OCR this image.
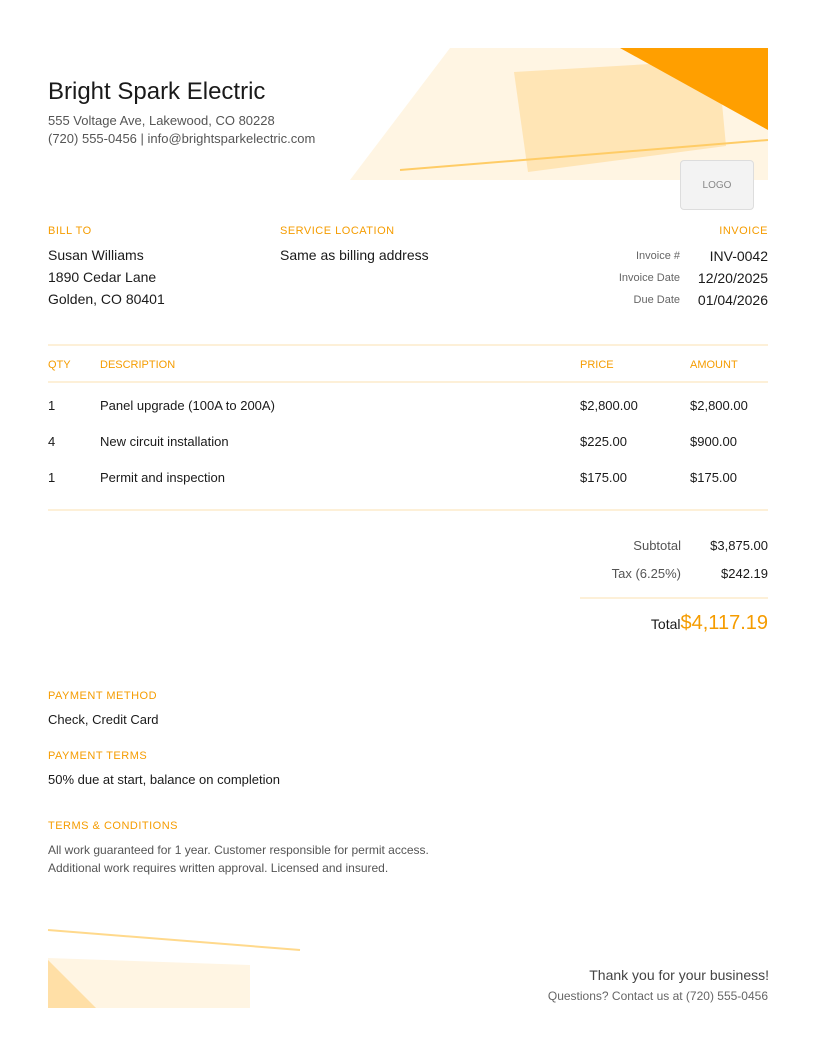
Bright Spark Electric
555 Voltage Ave, Lakewood, CO 80228
(720) 555-0456 | info@brightsparkelectric.com
LOGO
BILL TO
Susan Williams
1890 Cedar Lane
Golden, CO 80401
SERVICE LOCATION
Same as billing address
INVOICE
Invoice #	INV-0042
Invoice Date 12/20/2025
Due Date 01/04/2026
QTY	DESCRIPTION	PRICE	AMOUNT
1	Panel upgrade (100A to 200A)	$2,800.00	$2,800.00
4	New circuit installation	$225.00	$900.00
1	Permit and inspection	$175.00	$175.00
Subtotal	$3,875.00
Tax (6.25%)	$242.19
Total $4,117.19
PAYMENT METHOD
Check, Credit Card
PAYMENT TERMS
50% due at start, balance on completion
TERMS & CONDITIONS
All work guaranteed for 1 year. Customer responsible for permit access.
Additional work requires written approval. Licensed and insured.
Thank you for your business!
Questions? Contact us at (720) 555-0456
